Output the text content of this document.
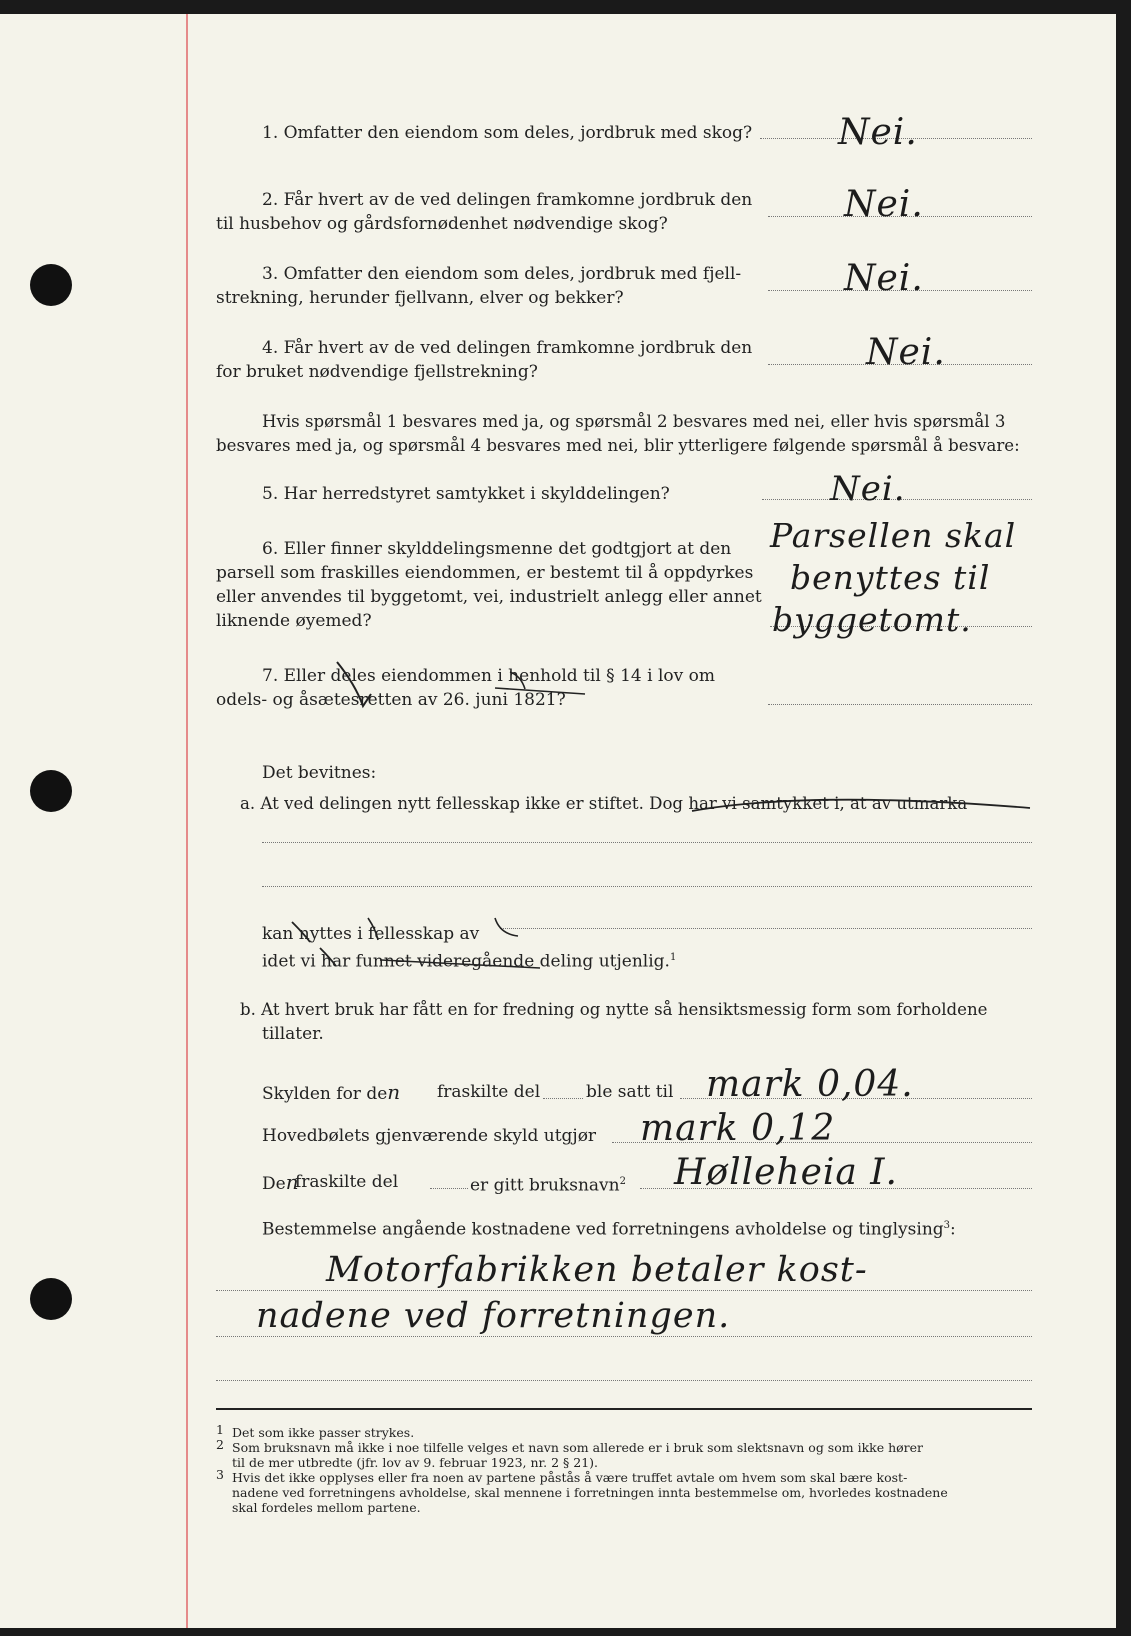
1. Omfatter den eiendom som deles, jordbruk med skog? Nei.
2. Får hvert av de ved delingen framkomne jordbruk den
til husbehov og gårdsfornødenhet nødvendige skog?	Nei.
3. Omfatter den eiendom som deles, jordbruk med fjell-
strekning, herunder fjellvann, elver og bekker?	Nei.
4. Får hvert av de ved delingen framkomne jordbruk den
for bruket nødvendige fjellstrekning?	Nei.
Hvis spørsmål 1 besvares med ja, og spørsmål 2 besvares med nei, eller hvis spørsmål 3
besvares med ja, og spørsmål 4 besvares med nei, blir ytterligere følgende spørsmål å besvare:
5. Har herredstyret samtykket i skylddelingen?	Nei.
6. Eller finner skylddelingsmenne det godtgjort at den
parsell som fraskilles eiendommen, er bestemt til å oppdyrkes
eller anvendes til byggetomt, vei, industrielt anlegg eller annet
liknende øyemed?
Parsellen skal
benyttes til
byggetomt.
7. Eller deles eiendommen i henhold til § 14 i lov om
odels- og åsætesretten av 26. juni 1821?
Det bevitnes:
a. At ved delingen nytt fellesskap ikke er stiftet. Dog har vi samtykket i, at av utmarka
kan nyttes i fellesskap av
idet vi har funnet videregående deling utjenlig.$^1$
b. At hvert bruk har fått en for fredning og nytte så hensiktsmessig form som forholdene
tillater.
Skylden for den fraskilte del	ble satt til mark 0,04.
Hovedbølets gjenværende skyld utgjør mark 0,12
Den
fraskilte del	er gitt bruksnavn$^2$ Hølleheia I.
Bestemmelse angående kostnadene ved forretningens avholdelse og tinglysing$^3$:
Motorfabrikken betaler kost-
nadene ved forretningen.
1 Det som ikke passer strykes.
2 Som bruksnavn må ikke i noe tilfelle velges et navn som allerede er i bruk som slektsnavn og som ikke hører
til de mer utbredte (jfr. lov av 9. februar 1923, nr. 2 § 21).
3 Hvis det ikke opplyses eller fra noen av partene påstås å være truffet avtale om hvem som skal bære kost-
nadene ved forretningens avholdelse, skal mennene i forretningen innta bestemmelse om, hvorledes kostnadene
skal fordeles mellom partene.
